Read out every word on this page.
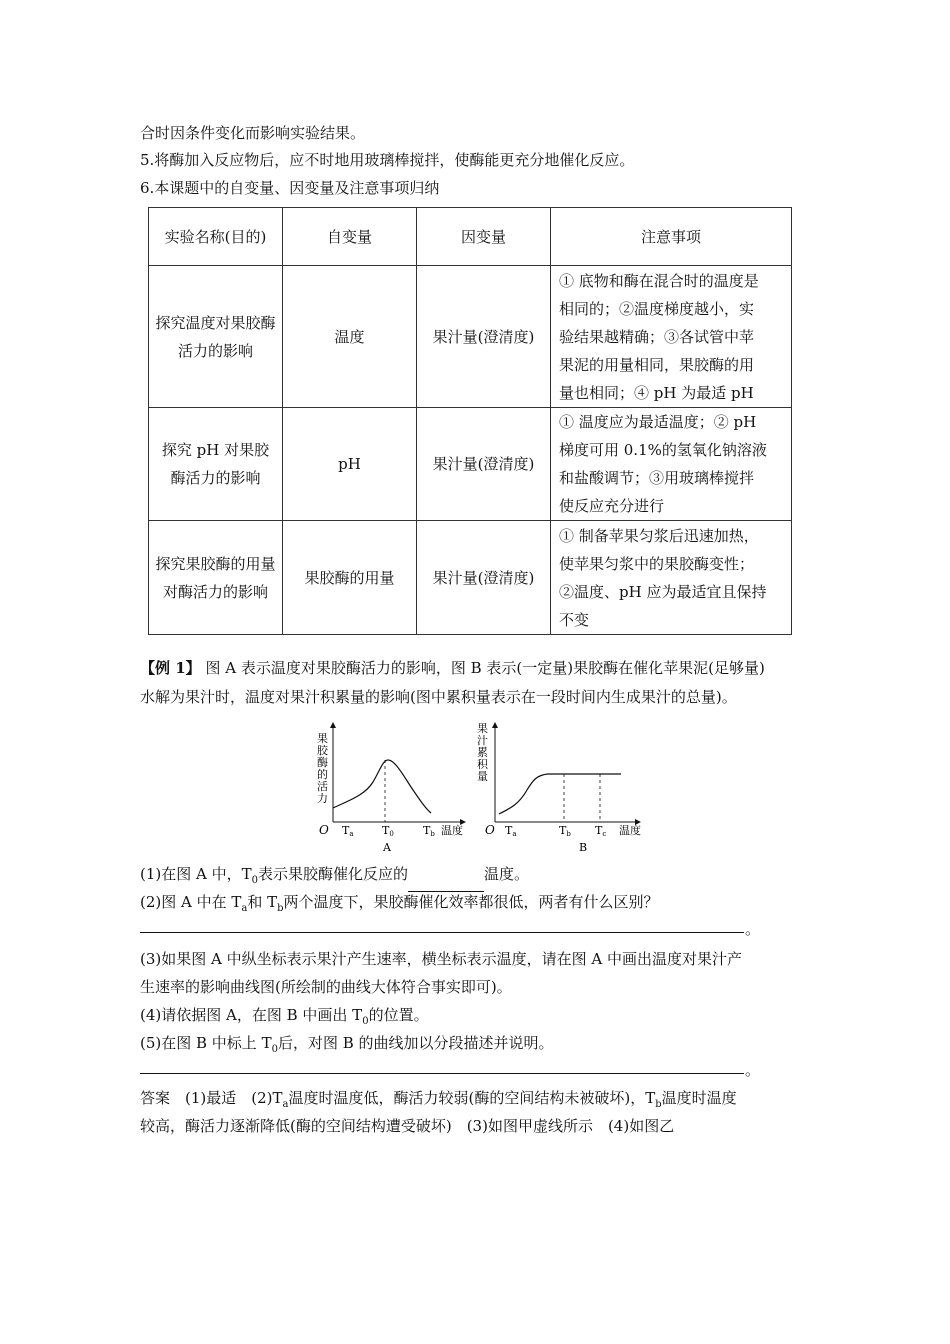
合时因条件变化而影响实验结果。
5.将酶加入反应物后，应不时地用玻璃棒搅拌，使酶能更充分地催化反应。
6.本课题中的自变量、因变量及注意事项归纳
实验名称(目的)	自变量	因变量	注意事项
探究温度对果胶酶活力的影响	温度	果汁量(澄清度)	① 底物和酶在混合时的温度是
相同的；②温度梯度越小，实
验结果越精确；③各试管中苹
果泥的用量相同，果胶酶的用
量也相同；④ pH 为最适 pH

探究 pH 对果胶酶活力的影响	pH	果汁量(澄清度)	① 温度应为最适温度；② pH
梯度可用 0.1%的氢氧化钠溶液
和盐酸调节；③用玻璃棒搅拌
使反应充分进行

探究果胶酶的用量对酶活力的影响	果胶酶的用量	果汁量(澄清度)	① 制备苹果匀浆后迅速加热，
使苹果匀浆中的果胶酶变性；
②温度、pH 应为最适宜且保持
不变
【例 1】 图 A 表示温度对果胶酶活力的影响，图 B 表示(一定量)果胶酶在催化苹果泥(足够量)
水解为果汁时，温度对果汁积累量的影响(图中累积量表示在一段时间内生成果汁的总量)。
果
胶
酶
的
活
力
O Ta	T0	Tb 温度
A
果
汁
累
积
量
O Ta	Tb Tc 温度
B
(1)在图 A 中，$T_0$表示果胶酶催化反应的	温度。
(2)图 A 中在 $T_a$和 $T_b$两个温度下，果胶酶催化效率都很低，两者有什么区别？
。
(3)如果图 A 中纵坐标表示果汁产生速率，横坐标表示温度，请在图 A 中画出温度对果汁产
生速率的影响曲线图(所绘制的曲线大体符合事实即可)。
(4)请依据图 A，在图 B 中画出 $T_0$的位置。
(5)在图 B 中标上 $T_0$后，对图 B 的曲线加以分段描述并说明。
。
答案　(1)最适　$(2)T_a$温度时温度低，酶活力较弱(酶的空间结构未被破坏)，$T_b$温度时温度
较高，酶活力逐渐降低(酶的空间结构遭受破坏)　(3)如图甲虚线所示　(4)如图乙
